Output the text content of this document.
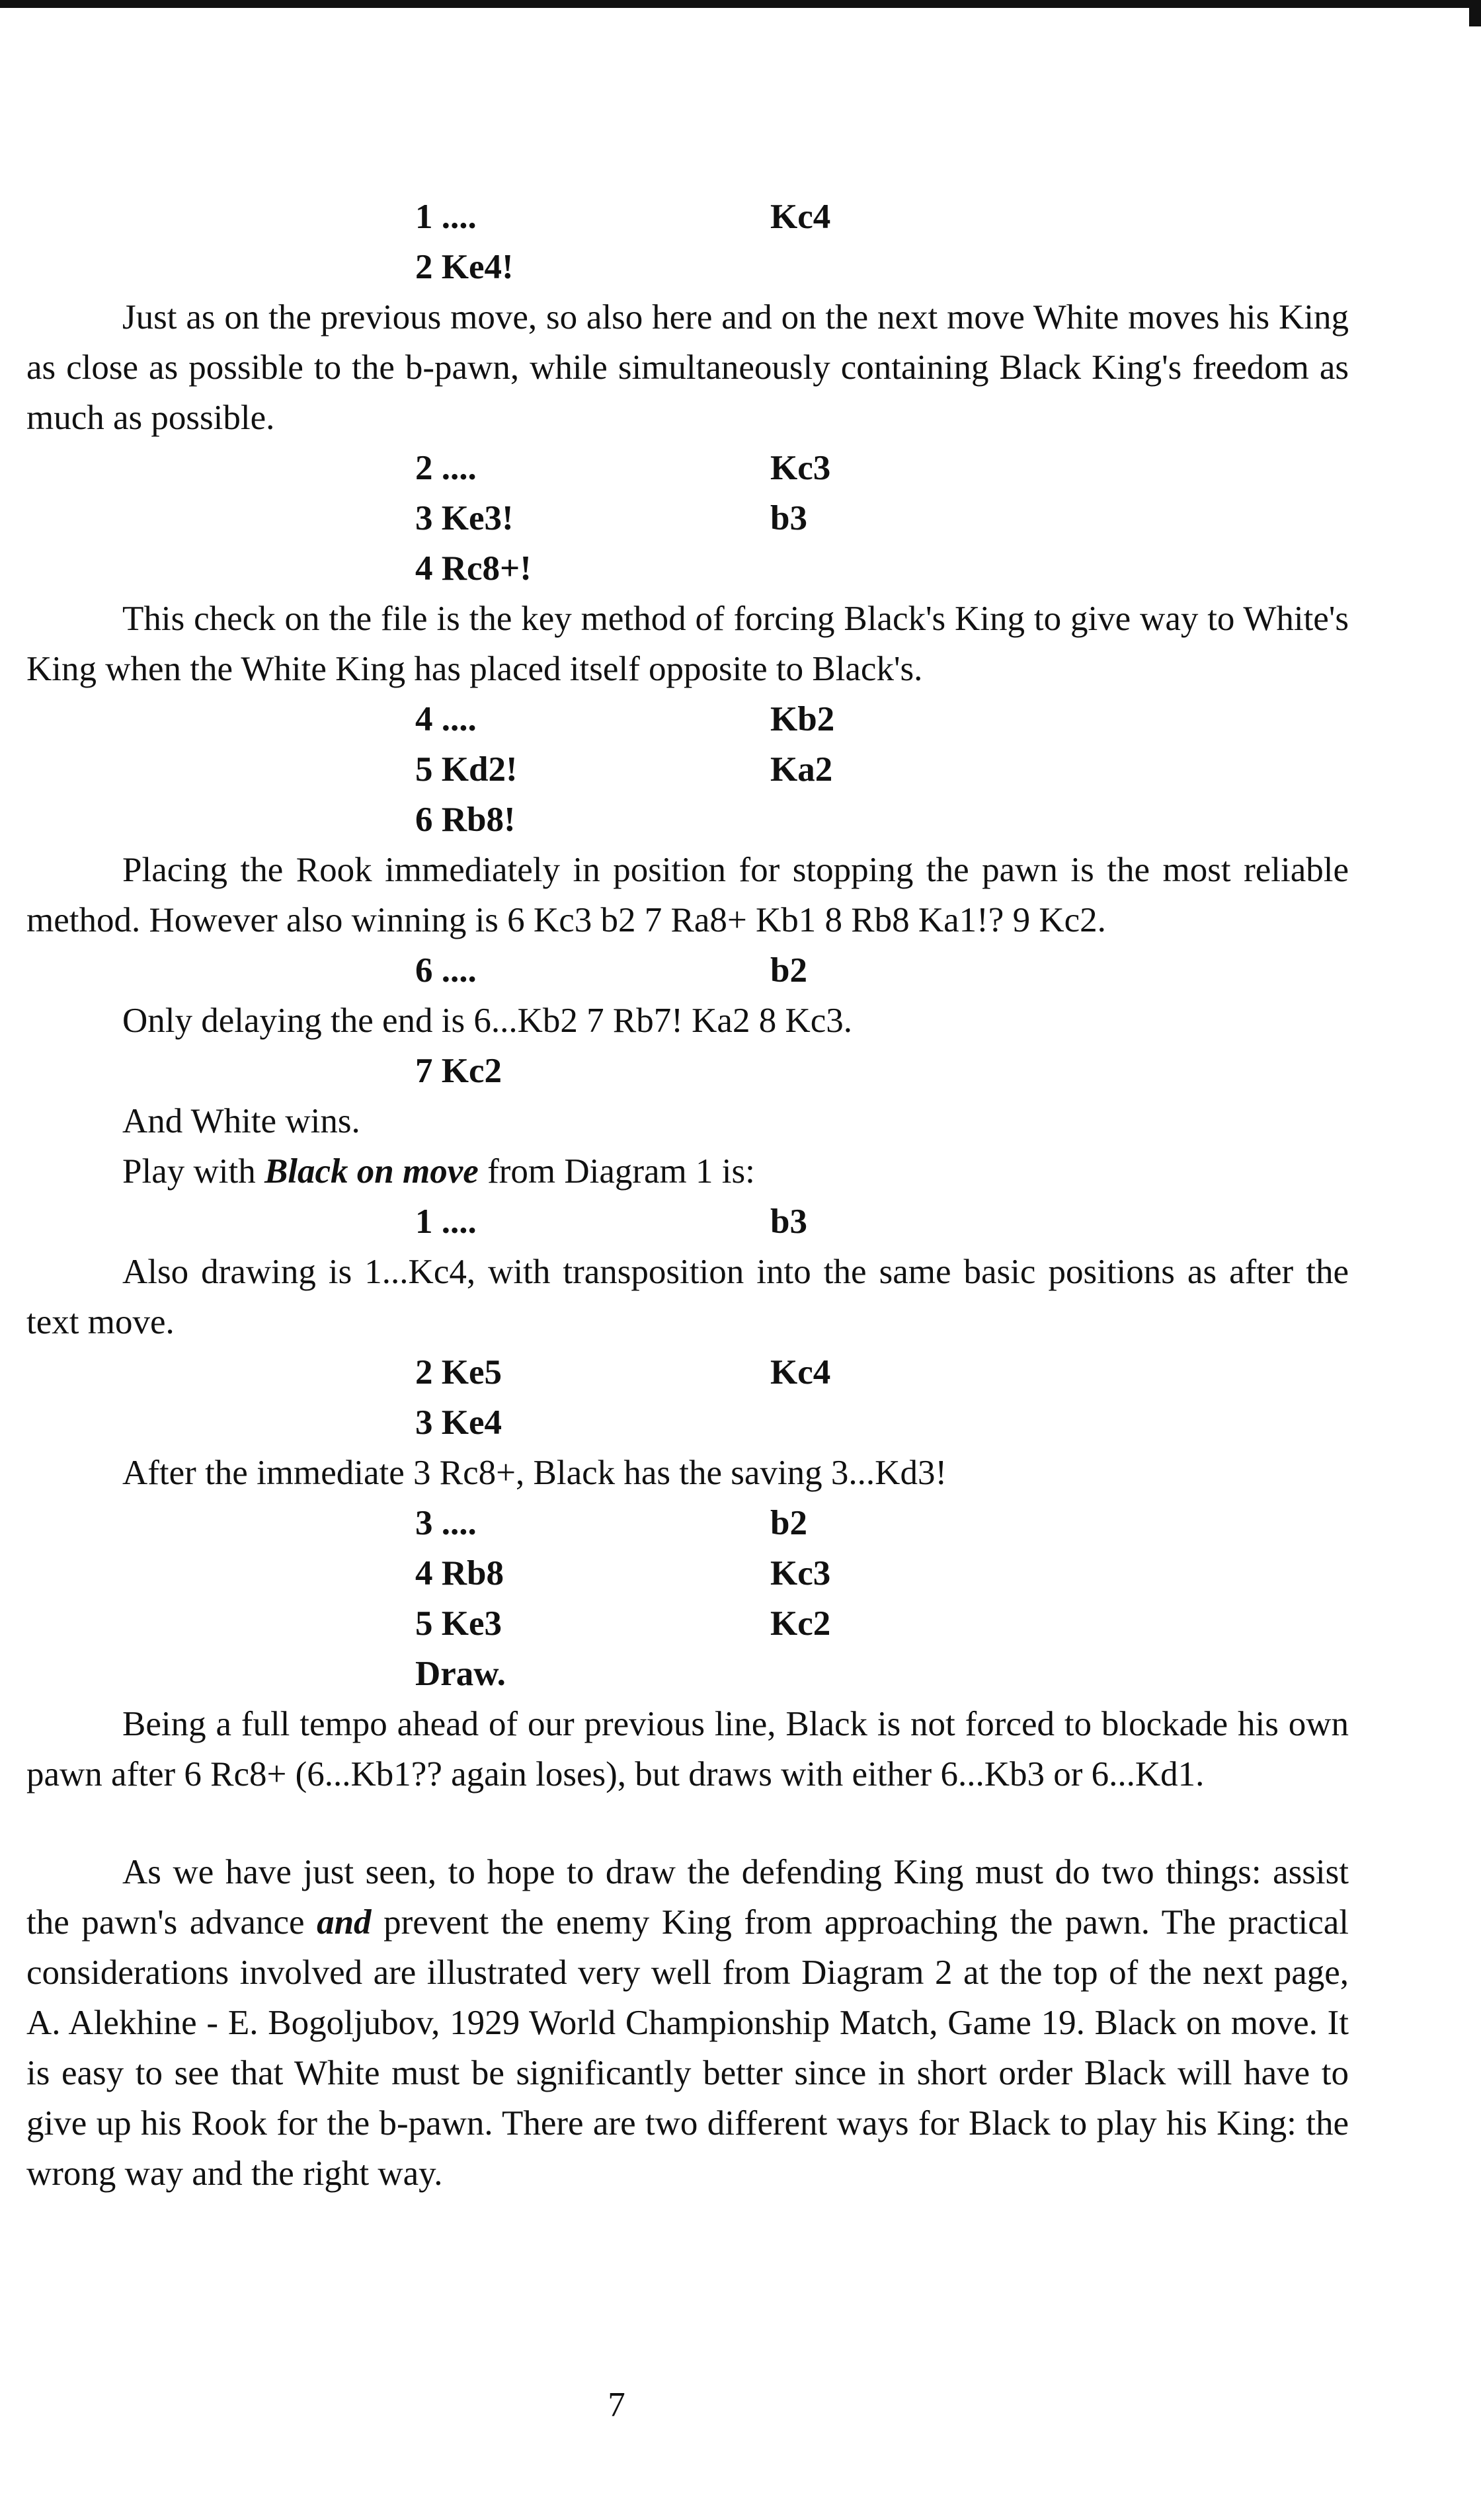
1 ....	Kc4
2 Ke4!

Just as on the previous move, so also here and on the next move White moves his King as close as possible to the b-pawn, while simultaneously containing Black King's freedom as much as possible.

2 ....	Kc3
3 Ke3!	b3
4 Rc8+!

This check on the file is the key method of forcing Black's King to give way to White's King when the White King has placed itself opposite to Black's.

4 ....	Kb2
5 Kd2!	Ka2
6 Rb8!

Placing the Rook immediately in position for stopping the pawn is the most reliable method. However also winning is 6 Kc3 b2 7 Ra8+ Kb1 8 Rb8 Ka1!? 9 Kc2.

6 ....	b2

Only delaying the end is 6...Kb2 7 Rb7! Ka2 8 Kc3.

7 Kc2

And White wins.

Play with Black on move from Diagram 1 is:

1 ....	b3

Also drawing is 1...Kc4, with transposition into the same basic positions as after the text move.

2 Ke5	Kc4
3 Ke4

After the immediate 3 Rc8+, Black has the saving 3...Kd3!

3 ....	b2
4 Rb8	Kc3
5 Ke3	Kc2
Draw.

Being a full tempo ahead of our previous line, Black is not forced to blockade his own pawn after 6 Rc8+ (6...Kb1?? again loses), but draws with either 6...Kb3 or 6...Kd1.

As we have just seen, to hope to draw the defending King must do two things: assist the pawn's advance and prevent the enemy King from approaching the pawn. The practical considerations involved are illustrated very well from Diagram 2 at the top of the next page, A. Alekhine - E. Bogoljubov, 1929 World Championship Match, Game 19. Black on move. It is easy to see that White must be significantly better since in short order Black will have to give up his Rook for the b-pawn. There are two different ways for Black to play his King: the wrong way and the right way.

7
